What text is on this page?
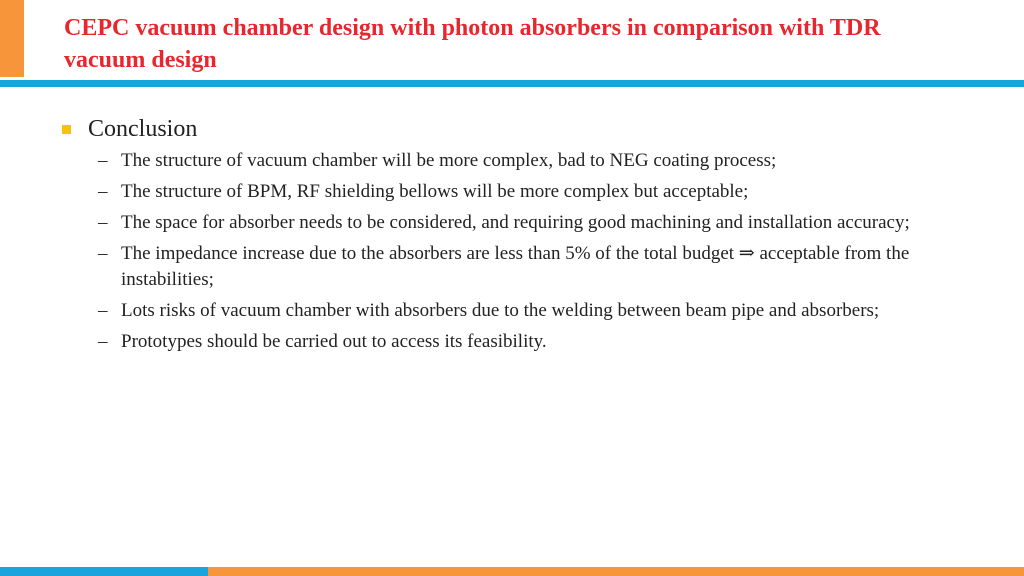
CEPC vacuum chamber design with photon absorbers in comparison with TDR vacuum design
Conclusion
– The structure of vacuum chamber will be more complex, bad to NEG coating process;
– The structure of BPM, RF shielding bellows will be more complex but acceptable;
– The space for absorber needs to be considered, and requiring good machining and installation accuracy;
– The impedance increase due to the absorbers are less than 5% of the total budget ⇒ acceptable from the instabilities;
– Lots risks of vacuum chamber with absorbers due to the welding between beam pipe and absorbers;
– Prototypes should be carried out to access its feasibility.
